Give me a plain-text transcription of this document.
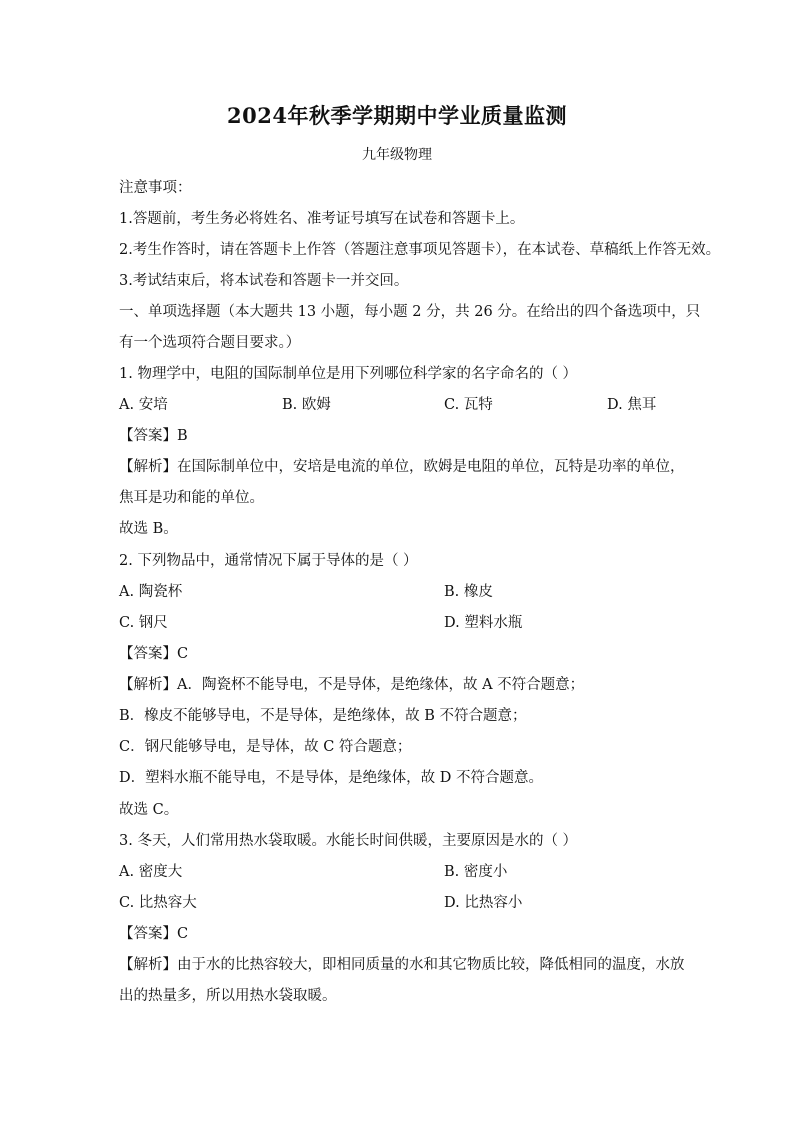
2024年秋季学期期中学业质量监测
九年级物理
注意事项：
1.答题前，考生务必将姓名、准考证号填写在试卷和答题卡上。
2.考生作答时，请在答题卡上作答（答题注意事项见答题卡），在本试卷、草稿纸上作答无效。
3.考试结束后，将本试卷和答题卡一并交回。
一、单项选择题（本大题共 13 小题，每小题 2 分，共 26 分。在给出的四个备选项中，只
有一个选项符合题目要求。）
1. 物理学中，电阻的国际制单位是用下列哪位科学家的名字命名的（ ）
A. 安培	B. 欧姆	C. 瓦特	D. 焦耳
【答案】B
【解析】在国际制单位中，安培是电流的单位，欧姆是电阻的单位，瓦特是功率的单位，
焦耳是功和能的单位。
故选 B。
2. 下列物品中，通常情况下属于导体的是（ ）
A. 陶瓷杯	B. 橡皮
C. 钢尺	D. 塑料水瓶
【答案】C
【解析】A．陶瓷杯不能导电，不是导体，是绝缘体，故 A 不符合题意；
B．橡皮不能够导电，不是导体，是绝缘体，故 B 不符合题意；
C．钢尺能够导电，是导体，故 C 符合题意；
D．塑料水瓶不能导电，不是导体，是绝缘体，故 D 不符合题意。
故选 C。
3. 冬天，人们常用热水袋取暖。水能长时间供暖，主要原因是水的（ ）
A. 密度大	B. 密度小
C. 比热容大	D. 比热容小
【答案】C
【解析】由于水的比热容较大，即相同质量的水和其它物质比较，降低相同的温度，水放
出的热量多，所以用热水袋取暖。
